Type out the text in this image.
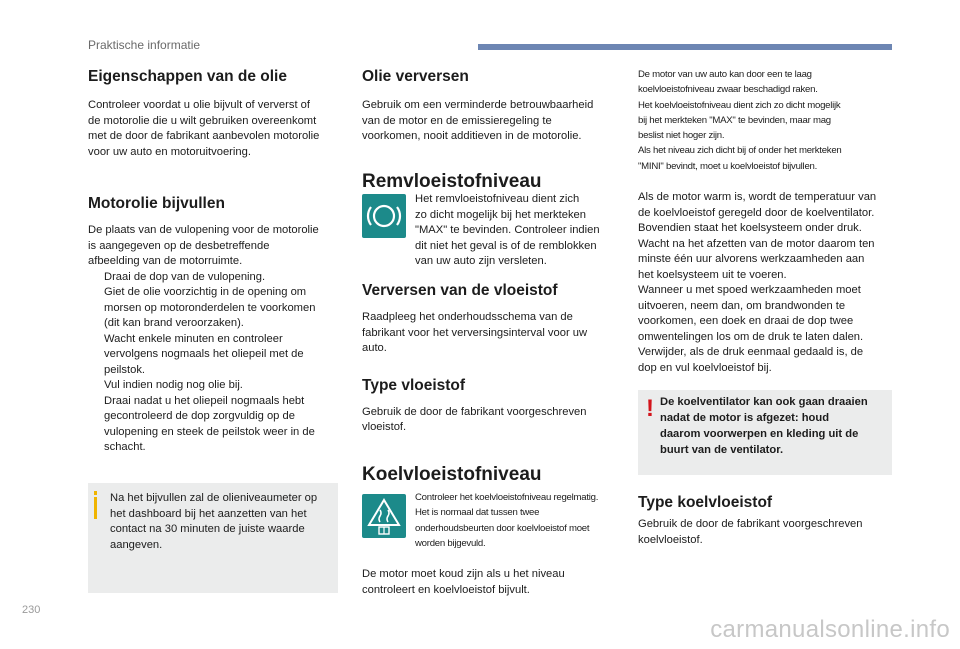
Praktische informatie
Eigenschappen van de olie

Controleer voordat u olie bijvult of ververst of
de motorolie die u wilt gebruiken overeenkomt
met de door de fabrikant aanbevolen motorolie
voor uw auto en motoruitvoering.

Motorolie bijvullen

De plaats van de vulopening voor de motorolie
is aangegeven op de desbetreffende
afbeelding van de motorruimte.

Draai de dop van de vulopening.
Giet de olie voorzichtig in de opening om
morsen op motoronderdelen te voorkomen
(dit kan brand veroorzaken).
Wacht enkele minuten en controleer
vervolgens nogmaals het oliepeil met de
peilstok.
Vul indien nodig nog olie bij.
Draai nadat u het oliepeil nogmaals hebt
gecontroleerd de dop zorgvuldig op de
vulopening en steek de peilstok weer in de
schacht.
Na het bijvullen zal de olieniveaumeter op
het dashboard bij het aanzetten van het
contact na 30 minuten de juiste waarde
aangeven.
Olie verversen

Gebruik om een verminderde betrouwbaarheid
van de motor en de emissieregeling te
voorkomen, nooit additieven in de motorolie.

Remvloeistofniveau

Het remvloeistofniveau dient zich
zo dicht mogelijk bij het merkteken
"MAX" te bevinden. Controleer indien
dit niet het geval is of de remblokken
van uw auto zijn versleten.

Verversen van de vloeistof

Raadpleeg het onderhoudsschema van de
fabrikant voor het verversingsinterval voor uw
auto.

Type vloeistof

Gebruik de door de fabrikant voorgeschreven
vloeistof.

Koelvloeistofniveau

Controleer het koelvloeistofniveau regelmatig.
Het is normaal dat tussen twee
onderhoudsbeurten door koelvloeistof moet
worden bijgevuld.

De motor moet koud zijn als u het niveau
controleert en koelvloeistof bijvult.

De motor van uw auto kan door een te laag
koelvloeistofniveau zwaar beschadigd raken.
Het koelvloeistofniveau dient zich zo dicht mogelijk
bij het merkteken "MAX" te bevinden, maar mag
beslist niet hoger zijn.
Als het niveau zich dicht bij of onder het merkteken
"MINI" bevindt, moet u koelvloeistof bijvullen.

Als de motor warm is, wordt de temperatuur van
de koelvloeistof geregeld door de koelventilator.
Bovendien staat het koelsysteem onder druk.
Wacht na het afzetten van de motor daarom ten
minste één uur alvorens werkzaamheden aan
het koelsysteem uit te voeren.
Wanneer u met spoed werkzaamheden moet
uitvoeren, neem dan, om brandwonden te
voorkomen, een doek en draai de dop twee
omwentelingen los om de druk te laten dalen.
Verwijder, als de druk eenmaal gedaald is, de
dop en vul koelvloeistof bij.

! De koelventilator kan ook gaan draaien
nadat de motor is afgezet: houd
daarom voorwerpen en kleding uit de
buurt van de ventilator.
Type koelvloeistof

Gebruik de door de fabrikant voorgeschreven
koelvloeistof.

230
carmanualsonline.info
